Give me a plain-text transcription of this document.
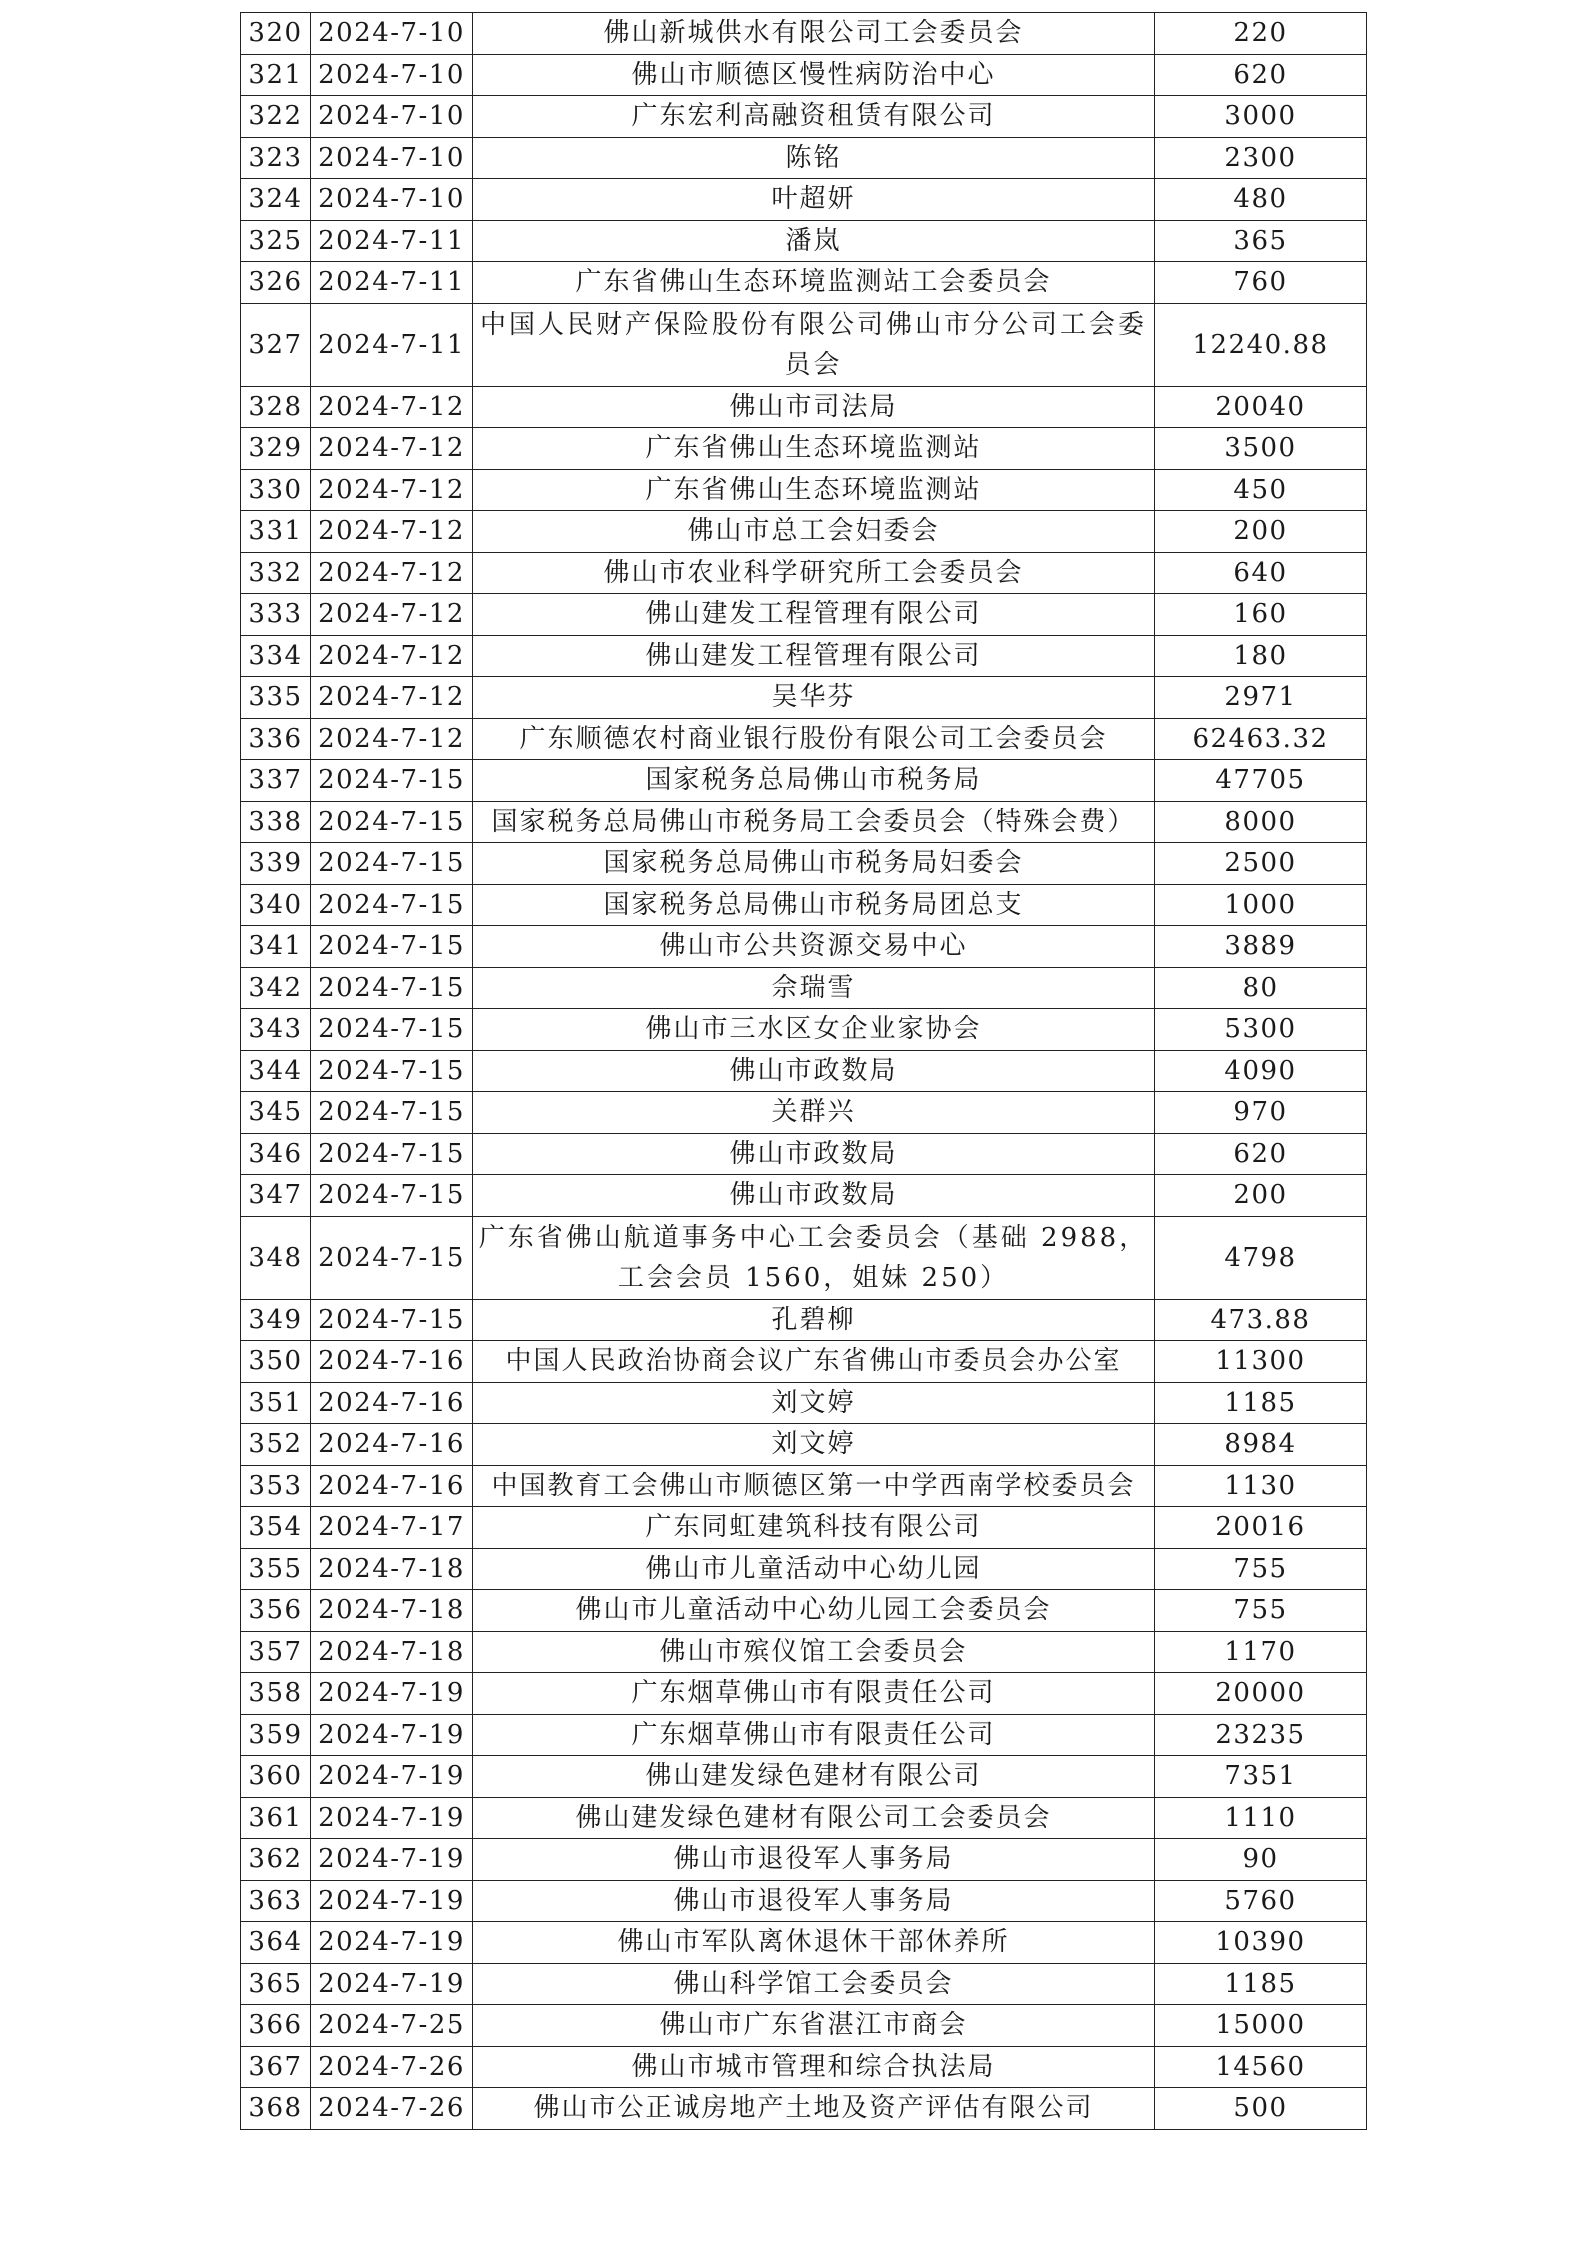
320	2024-7-10	佛山新城供水有限公司工会委员会	220
321	2024-7-10	佛山市顺德区慢性病防治中心	620
322	2024-7-10	广东宏利高融资租赁有限公司	3000
323	2024-7-10	陈铭	2300
324	2024-7-10	叶超妍	480
325	2024-7-11	潘岚	365
326	2024-7-11	广东省佛山生态环境监测站工会委员会	760
327	2024-7-11	中国人民财产保险股份有限公司佛山市分公司工会委员会	12240.88
328	2024-7-12	佛山市司法局	20040
329	2024-7-12	广东省佛山生态环境监测站	3500
330	2024-7-12	广东省佛山生态环境监测站	450
331	2024-7-12	佛山市总工会妇委会	200
332	2024-7-12	佛山市农业科学研究所工会委员会	640
333	2024-7-12	佛山建发工程管理有限公司	160
334	2024-7-12	佛山建发工程管理有限公司	180
335	2024-7-12	吴华芬	2971
336	2024-7-12	广东顺德农村商业银行股份有限公司工会委员会	62463.32
337	2024-7-15	国家税务总局佛山市税务局	47705
338	2024-7-15	国家税务总局佛山市税务局工会委员会（特殊会费）	8000
339	2024-7-15	国家税务总局佛山市税务局妇委会	2500
340	2024-7-15	国家税务总局佛山市税务局团总支	1000
341	2024-7-15	佛山市公共资源交易中心	3889
342	2024-7-15	佘瑞雪	80
343	2024-7-15	佛山市三水区女企业家协会	5300
344	2024-7-15	佛山市政数局	4090
345	2024-7-15	关群兴	970
346	2024-7-15	佛山市政数局	620
347	2024-7-15	佛山市政数局	200
348	2024-7-15	广东省佛山航道事务中心工会委员会（基础 2988，工会会员 1560，姐妹 250）	4798
349	2024-7-15	孔碧柳	473.88
350	2024-7-16	中国人民政治协商会议广东省佛山市委员会办公室	11300
351	2024-7-16	刘文婷	1185
352	2024-7-16	刘文婷	8984
353	2024-7-16	中国教育工会佛山市顺德区第一中学西南学校委员会	1130
354	2024-7-17	广东同虹建筑科技有限公司	20016
355	2024-7-18	佛山市儿童活动中心幼儿园	755
356	2024-7-18	佛山市儿童活动中心幼儿园工会委员会	755
357	2024-7-18	佛山市殡仪馆工会委员会	1170
358	2024-7-19	广东烟草佛山市有限责任公司	20000
359	2024-7-19	广东烟草佛山市有限责任公司	23235
360	2024-7-19	佛山建发绿色建材有限公司	7351
361	2024-7-19	佛山建发绿色建材有限公司工会委员会	1110
362	2024-7-19	佛山市退役军人事务局	90
363	2024-7-19	佛山市退役军人事务局	5760
364	2024-7-19	佛山市军队离休退休干部休养所	10390
365	2024-7-19	佛山科学馆工会委员会	1185
366	2024-7-25	佛山市广东省湛江市商会	15000
367	2024-7-26	佛山市城市管理和综合执法局	14560
368	2024-7-26	佛山市公正诚房地产土地及资产评估有限公司	500
